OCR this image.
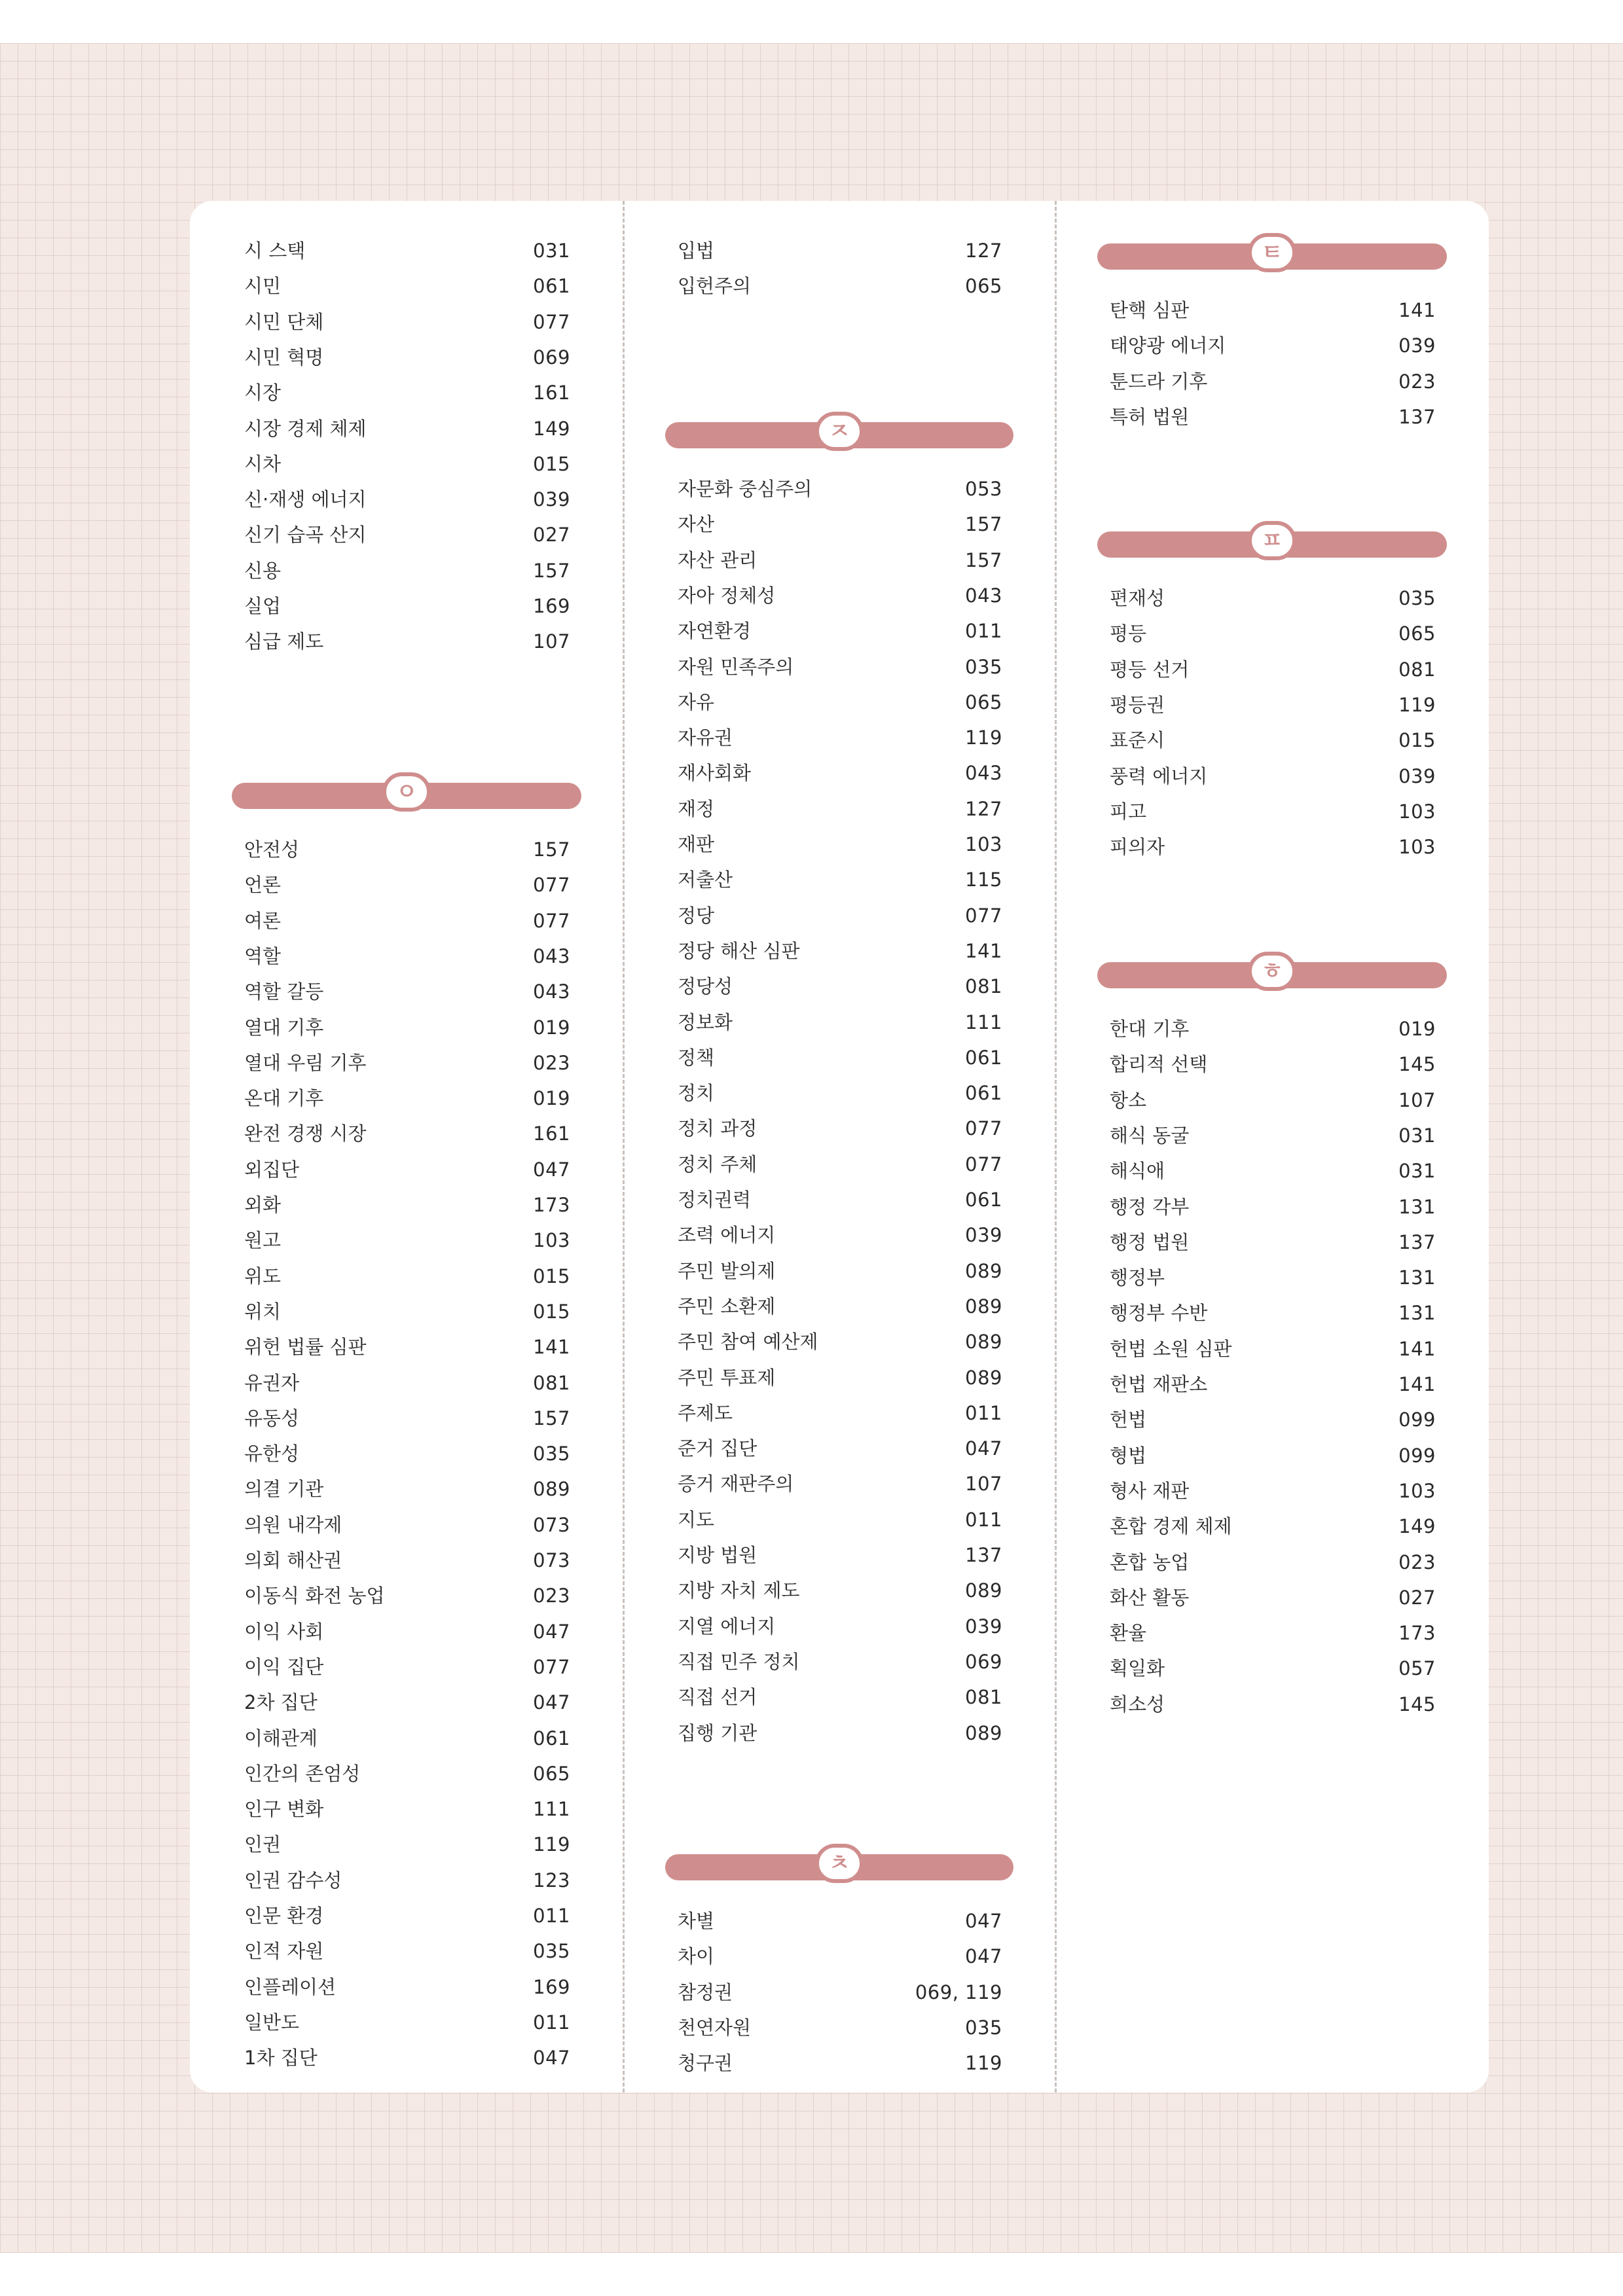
시 스택	031
시민	061
시민 단체	077
시민 혁명	069
시장	161
시장 경제 체제	149
시차	015
신·재생 에너지	039
신기 습곡 산지	027
신용	157
실업	169
심급 제도	107
ㅇ
안전성	157
언론	077
여론	077
역할	043
역할 갈등	043
열대 기후	019
열대 우림 기후	023
온대 기후	019
완전 경쟁 시장	161
외집단	047
외화	173
원고	103
위도	015
위치	015
위헌 법률 심판	141
유권자	081
유동성	157
유한성	035
의결 기관	089
의원 내각제	073
의회 해산권	073
이동식 화전 농업	023
이익 사회	047
이익 집단	077
2차 집단	047
이해관계	061
인간의 존엄성	065
인구 변화	111
인권	119
인권 감수성	123
인문 환경	011
인적 자원	035
인플레이션	169
일반도	011
1차 집단	047
입법	127
입헌주의	065
ㅈ
자문화 중심주의	053
자산	157
자산 관리	157
자아 정체성	043
자연환경	011
자원 민족주의	035
자유	065
자유권	119
재사회화	043
재정	127
재판	103
저출산	115
정당	077
정당 해산 심판	141
정당성	081
정보화	111
정책	061
정치	061
정치 과정	077
정치 주체	077
정치권력	061
조력 에너지	039
주민 발의제	089
주민 소환제	089
주민 참여 예산제	089
주민 투표제	089
주제도	011
준거 집단	047
증거 재판주의	107
지도	011
지방 법원	137
지방 자치 제도	089
지열 에너지	039
직접 민주 정치	069
직접 선거	081
집행 기관	089
ㅊ
차별	047
차이	047
참정권	069, 119
천연자원	035
청구권	119
ㅌ
탄핵 심판	141
태양광 에너지	039
툰드라 기후	023
특허 법원	137
ㅍ
편재성	035
평등	065
평등 선거	081
평등권	119
표준시	015
풍력 에너지	039
피고	103
피의자	103
ㅎ
한대 기후	019
합리적 선택	145
항소	107
해식 동굴	031
해식애	031
행정 각부	131
행정 법원	137
행정부	131
행정부 수반	131
헌법 소원 심판	141
헌법 재판소	141
헌법	099
형법	099
형사 재판	103
혼합 경제 체제	149
혼합 농업	023
화산 활동	027
환율	173
획일화	057
희소성	145
